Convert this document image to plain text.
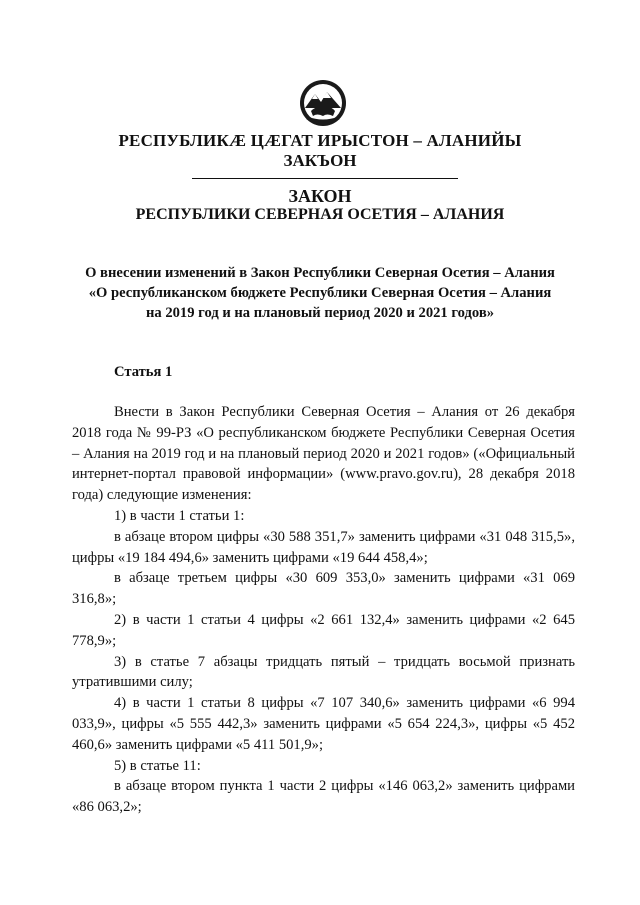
РЕСПУБЛИКӔ ЦӔГАТ ИРЫСТОН – АЛАНИЙЫ
ЗАКЪОН
ЗАКОН
РЕСПУБЛИКИ СЕВЕРНАЯ ОСЕТИЯ – АЛАНИЯ
О внесении изменений в Закон Республики Северная Осетия – Алания
«О республиканском бюджете Республики Северная Осетия – Алания
на 2019 год и на плановый период 2020 и 2021 годов»
Статья 1

Внести в Закон Республики Северная Осетия – Алания от 26 декабря 2018 года № 99-РЗ «О республиканском бюджете Республики Северная Осетия – Алания на 2019 год и на плановый период 2020 и 2021 годов» («Официальный интернет-портал правовой информации» (www.pravo.gov.ru), 28 декабря 2018 года) следующие изменения:

1) в части 1 статьи 1:

в абзаце втором цифры «30 588 351,7» заменить цифрами «31 048 315,5», цифры «19 184 494,6» заменить цифрами «19 644 458,4»;

в абзаце третьем цифры «30 609 353,0» заменить цифрами «31 069 316,8»;

2) в части 1 статьи 4 цифры «2 661 132,4» заменить цифрами «2 645 778,9»;

3) в статье 7 абзацы тридцать пятый – тридцать восьмой признать утратившими силу;

4) в части 1 статьи 8 цифры «7 107 340,6» заменить цифрами «6 994 033,9», цифры «5 555 442,3» заменить цифрами «5 654 224,3», цифры «5 452 460,6» заменить цифрами «5 411 501,9»;

5) в статье 11:

в абзаце втором пункта 1 части 2 цифры «146 063,2» заменить цифрами «86 063,2»;
